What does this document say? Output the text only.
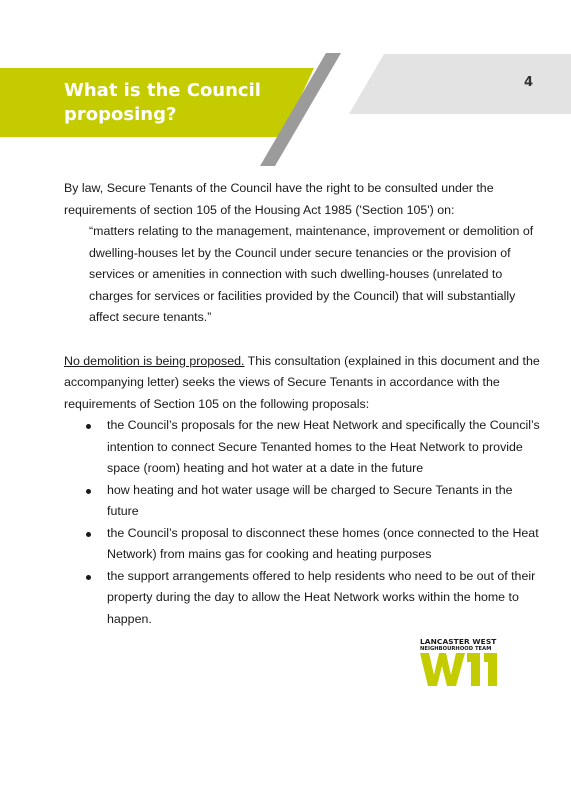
What is the Council proposing?
4

By law, Secure Tenants of the Council have the right to be consulted under the requirements of section 105 of the Housing Act 1985 ('Section 105') on:

“matters relating to the management, maintenance, improvement or demolition of dwelling-houses let by the Council under secure tenancies or the provision of services or amenities in connection with such dwelling-houses (unrelated to charges for services or facilities provided by the Council) that will substantially affect secure tenants.”

No demolition is being proposed. This consultation (explained in this document and the accompanying letter) seeks the views of Secure Tenants in accordance with the requirements of Section 105 on the following proposals:

the Council’s proposals for the new Heat Network and specifically the Council’s intention to connect Secure Tenanted homes to the Heat Network to provide space (room) heating and hot water at a date in the future
how heating and hot water usage will be charged to Secure Tenants in the future
the Council’s proposal to disconnect these homes (once connected to the Heat Network) from mains gas for cooking and heating purposes
the support arrangements offered to help residents who need to be out of their property during the day to allow the Heat Network works within the home to happen.
LANCASTER WEST
NEIGHBOURHOOD TEAM
